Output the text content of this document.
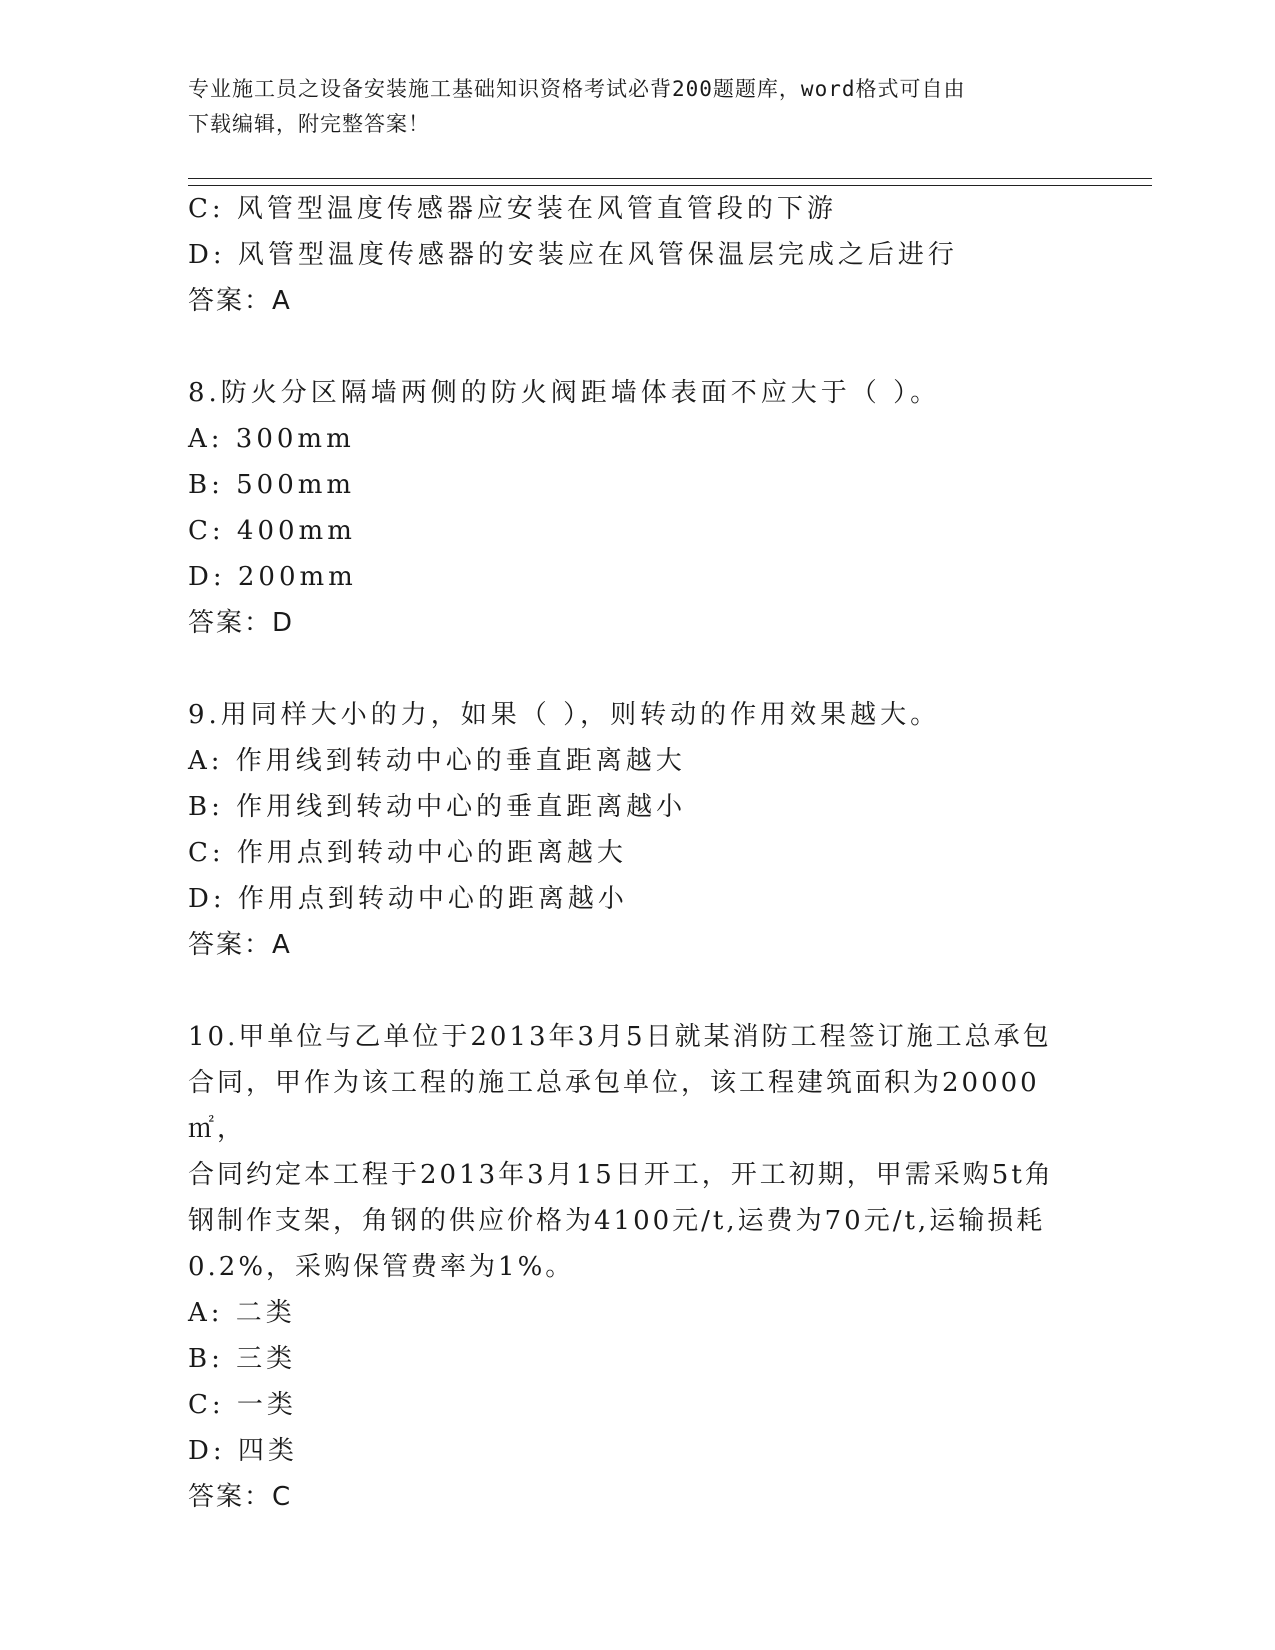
专业施工员之设备安装施工基础知识资格考试必背200题题库，word格式可自由
下载编辑，附完整答案！
C: 风管型温度传感器应安装在风管直管段的下游
D: 风管型温度传感器的安装应在风管保温层完成之后进行
答案：A
8.防火分区隔墙两侧的防火阀距墙体表面不应大于（ ）。
A: 300mm
B: 500mm
C: 400mm
D: 200mm
答案：D
9.用同样大小的力，如果（ ），则转动的作用效果越大。
A: 作用线到转动中心的垂直距离越大
B: 作用线到转动中心的垂直距离越小
C: 作用点到转动中心的距离越大
D: 作用点到转动中心的距离越小
答案：A
10.甲单位与乙单位于2013年3月5日就某消防工程签订施工总承包
合同，甲作为该工程的施工总承包单位，该工程建筑面积为20000㎡，
合同约定本工程于2013年3月15日开工，开工初期，甲需采购5t角
钢制作支架，角钢的供应价格为4100元/t,运费为70元/t,运输损耗
0.2%，采购保管费率为1%。
A: 二类
B: 三类
C: 一类
D: 四类
答案：C
